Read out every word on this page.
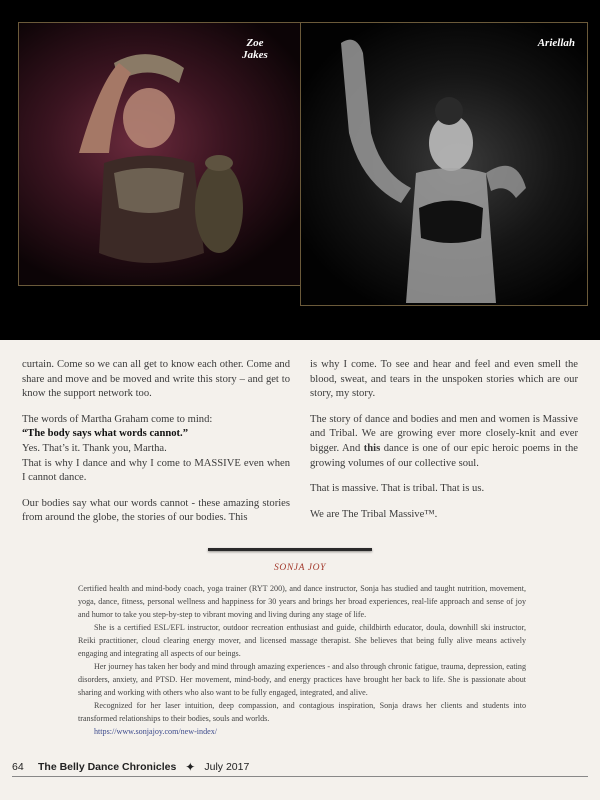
Zoe
Jakes
Ariellah

curtain. Come so we can all get to know each other. Come and share and move and be moved and write this story – and get to know the support network too.

The words of Martha Graham come to mind:
“The body says what words cannot.”
Yes. That’s it. Thank you, Martha.
That is why I dance and why I come to MASSIVE even when I cannot dance.

Our bodies say what our words cannot - these amazing stories from around the globe, the stories of our bodies. This

is why I come. To see and hear and feel and even smell the blood, sweat, and tears in the unspoken stories which are our story, my story.

The story of dance and bodies and men and women is Massive and Tribal. We are growing ever more closely-knit and ever bigger. And this dance is one of our epic heroic poems in the growing volumes of our collective soul.

That is massive. That is tribal. That is us.

We are The Tribal Massive™.

SONJA JOY

Certified health and mind-body coach, yoga trainer (RYT 200), and dance instructor, Sonja has studied and taught nutrition, movement, yoga, dance, fitness, personal wellness and happiness for 30 years and brings her broad experiences, real-life approach and sense of joy and humor to take you step-by-step to vibrant moving and living during any stage of life.

She is a certified ESL/EFL instructor, outdoor recreation enthusiast and guide, childbirth educator, doula, downhill ski instructor, Reiki practitioner, cloud clearing energy mover, and licensed massage therapist. She believes that being fully alive means actively engaging and integrating all aspects of our beings.

Her journey has taken her body and mind through amazing experiences - and also through chronic fatigue, trauma, depression, eating disorders, anxiety, and PTSD. Her movement, mind-body, and energy practices have brought her back to life. She is passionate about sharing and working with others who also want to be fully engaged, integrated, and alive.

Recognized for her laser intuition, deep compassion, and contagious inspiration, Sonja draws her clients and students into transformed relationships to their bodies, souls and worlds.

https://www.sonjajoy.com/new-index/
64	The Belly Dance Chronicles ✦ July 2017
